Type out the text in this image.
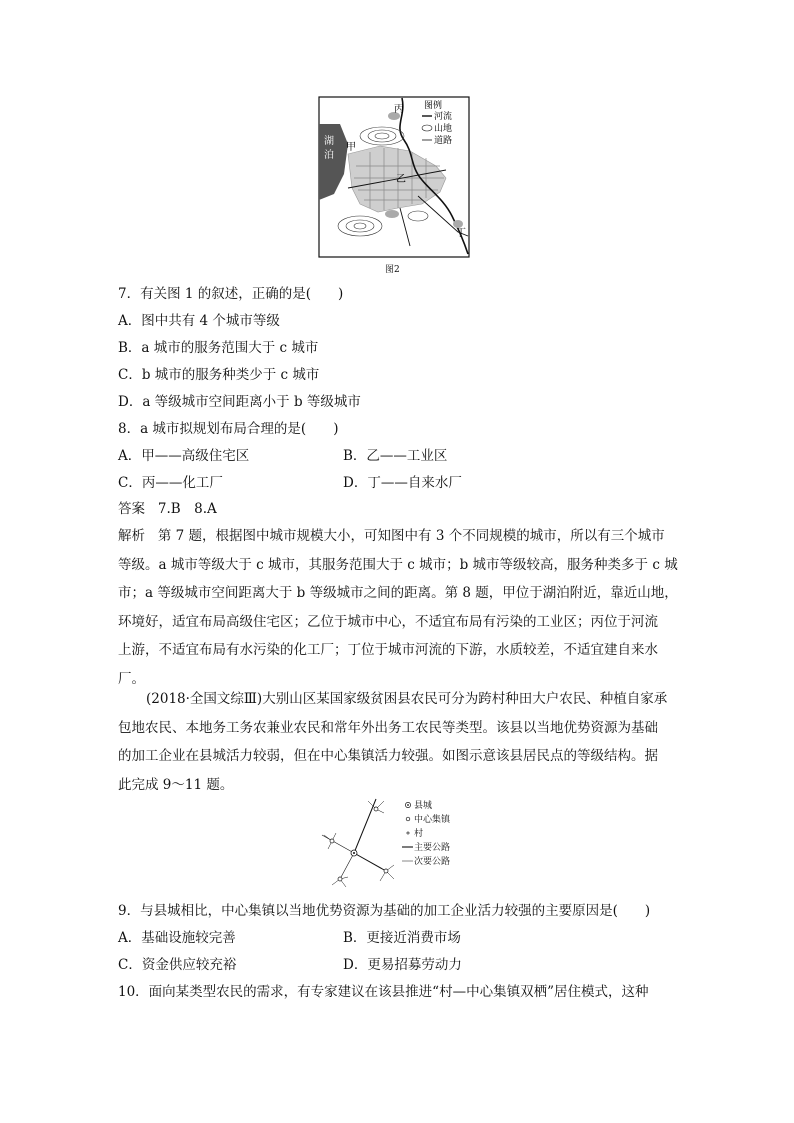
湖
泊
甲
乙
丙
丁
图例
河流
山地
道路
图2
7．有关图 1 的叙述，正确的是(　　)
A．图中共有 4 个城市等级
B．a 城市的服务范围大于 c 城市
C．b 城市的服务种类少于 c 城市
D．a 等级城市空间距离小于 b 等级城市
8．a 城市拟规划布局合理的是(　　)
A．甲——高级住宅区	B．乙——工业区
C．丙——化工厂	D．丁——自来水厂
答案 7.B　8.A
解析 第 7 题，根据图中城市规模大小，可知图中有 3 个不同规模的城市，所以有三个城市
等级。a 城市等级大于 c 城市，其服务范围大于 c 城市；b 城市等级较高，服务种类多于 c 城
市；a 等级城市空间距离大于 b 等级城市之间的距离。第 8 题，甲位于湖泊附近，靠近山地，
环境好，适宜布局高级住宅区；乙位于城市中心，不适宜布局有污染的工业区；丙位于河流
上游，不适宜布局有水污染的化工厂；丁位于城市河流的下游，水质较差，不适宜建自来水
厂。
(2018·全国文综Ⅲ)大别山区某国家级贫困县农民可分为跨村种田大户农民、种植自家承
包地农民、本地务工务农兼业农民和常年外出务工农民等类型。该县以当地优势资源为基础
的加工企业在县城活力较弱，但在中心集镇活力较强。如图示意该县居民点的等级结构。据
此完成 9～11 题。
县城
中心集镇
村
主要公路
次要公路
9．与县城相比，中心集镇以当地优势资源为基础的加工企业活力较强的主要原因是(　　)
A．基础设施较完善	B．更接近消费市场
C．资金供应较充裕	D．更易招募劳动力
10．面向某类型农民的需求，有专家建议在该县推进“村—中心集镇双栖”居住模式，这种
